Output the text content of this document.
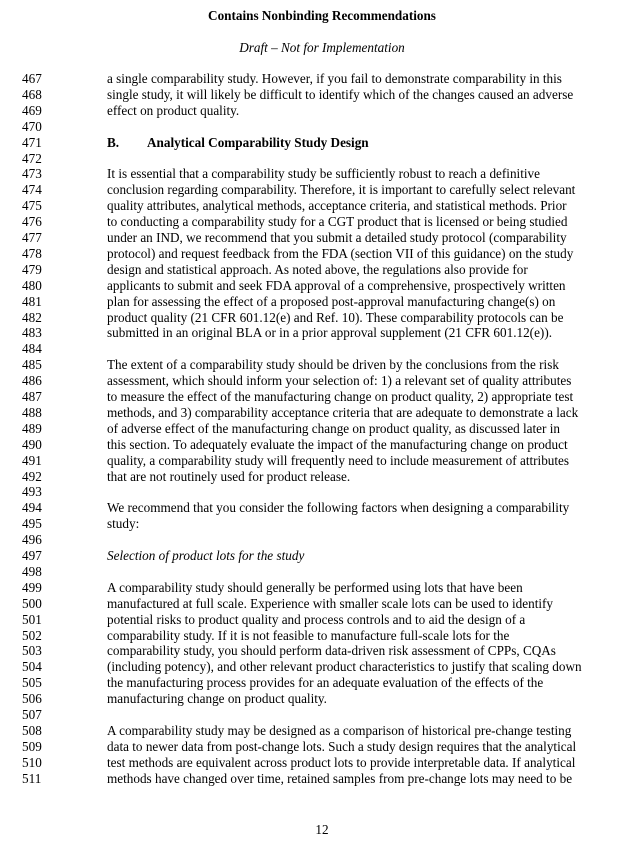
Contains Nonbinding Recommendations
Draft – Not for Implementation
467	a single comparability study. However, if you fail to demonstrate comparability in this
468	single study, it will likely be difficult to identify which of the changes caused an adverse
469	effect on product quality.
470
471	B. Analytical Comparability Study Design
472
473	It is essential that a comparability study be sufficiently robust to reach a definitive
474	conclusion regarding comparability. Therefore, it is important to carefully select relevant
475	quality attributes, analytical methods, acceptance criteria, and statistical methods. Prior
476	to conducting a comparability study for a CGT product that is licensed or being studied
477	under an IND, we recommend that you submit a detailed study protocol (comparability
478	protocol) and request feedback from the FDA (section VII of this guidance) on the study
479	design and statistical approach. As noted above, the regulations also provide for
480	applicants to submit and seek FDA approval of a comprehensive, prospectively written
481	plan for assessing the effect of a proposed post-approval manufacturing change(s) on
482	product quality (21 CFR 601.12(e) and Ref. 10). These comparability protocols can be
483	submitted in an original BLA or in a prior approval supplement (21 CFR 601.12(e)).
484
485	The extent of a comparability study should be driven by the conclusions from the risk
486	assessment, which should inform your selection of: 1) a relevant set of quality attributes
487	to measure the effect of the manufacturing change on product quality, 2) appropriate test
488	methods, and 3) comparability acceptance criteria that are adequate to demonstrate a lack
489	of adverse effect of the manufacturing change on product quality, as discussed later in
490	this section. To adequately evaluate the impact of the manufacturing change on product
491	quality, a comparability study will frequently need to include measurement of attributes
492	that are not routinely used for product release.
493
494	We recommend that you consider the following factors when designing a comparability
495	study:
496
497	Selection of product lots for the study
498
499	A comparability study should generally be performed using lots that have been
500	manufactured at full scale. Experience with smaller scale lots can be used to identify
501	potential risks to product quality and process controls and to aid the design of a
502	comparability study. If it is not feasible to manufacture full-scale lots for the
503	comparability study, you should perform data-driven risk assessment of CPPs, CQAs
504	(including potency), and other relevant product characteristics to justify that scaling down
505	the manufacturing process provides for an adequate evaluation of the effects of the
506	manufacturing change on product quality.
507
508	A comparability study may be designed as a comparison of historical pre-change testing
509	data to newer data from post-change lots. Such a study design requires that the analytical
510	test methods are equivalent across product lots to provide interpretable data. If analytical
511	methods have changed over time, retained samples from pre-change lots may need to be
12
